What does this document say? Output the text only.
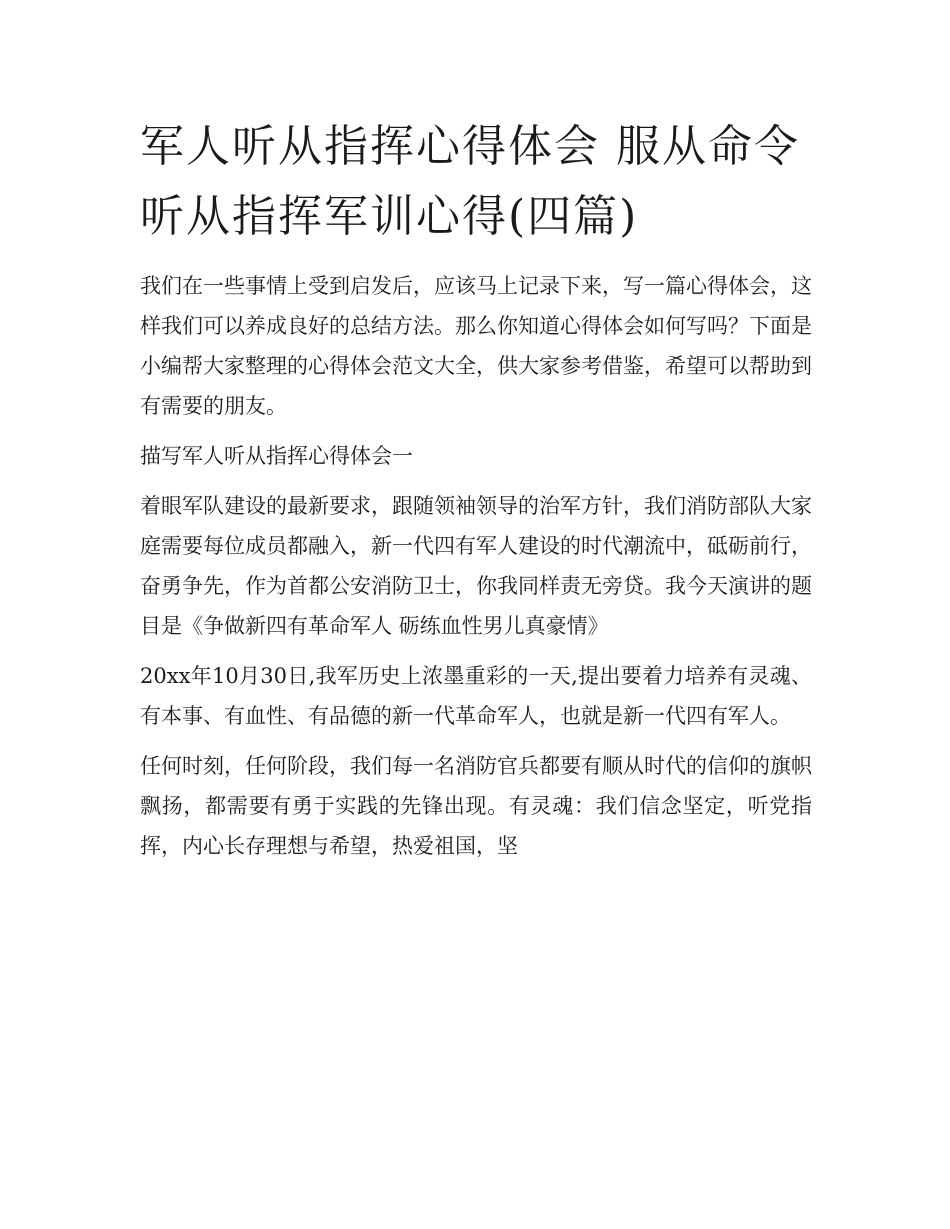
军人听从指挥心得体会 服从命令听从指挥军训心得(四篇)

我们在一些事情上受到启发后，应该马上记录下来，写一篇心得体会，这样我们可以养成良好的总结方法。那么你知道心得体会如何写吗？下面是小编帮大家整理的心得体会范文大全，供大家参考借鉴，希望可以帮助到有需要的朋友。

描写军人听从指挥心得体会一

着眼军队建设的最新要求，跟随领袖领导的治军方针，我们消防部队大家庭需要每位成员都融入，新一代四有军人建设的时代潮流中，砥砺前行，奋勇争先，作为首都公安消防卫士，你我同样责无旁贷。我今天演讲的题目是《争做新四有革命军人 砺练血性男儿真豪情》

20xx年10月30日,我军历史上浓墨重彩的一天,提出要着力培养有灵魂、有本事、有血性、有品德的新一代革命军人，也就是新一代四有军人。

任何时刻，任何阶段，我们每一名消防官兵都要有顺从时代的信仰的旗帜飘扬，都需要有勇于实践的先锋出现。有灵魂：我们信念坚定，听党指挥，内心长存理想与希望，热爱祖国，坚
